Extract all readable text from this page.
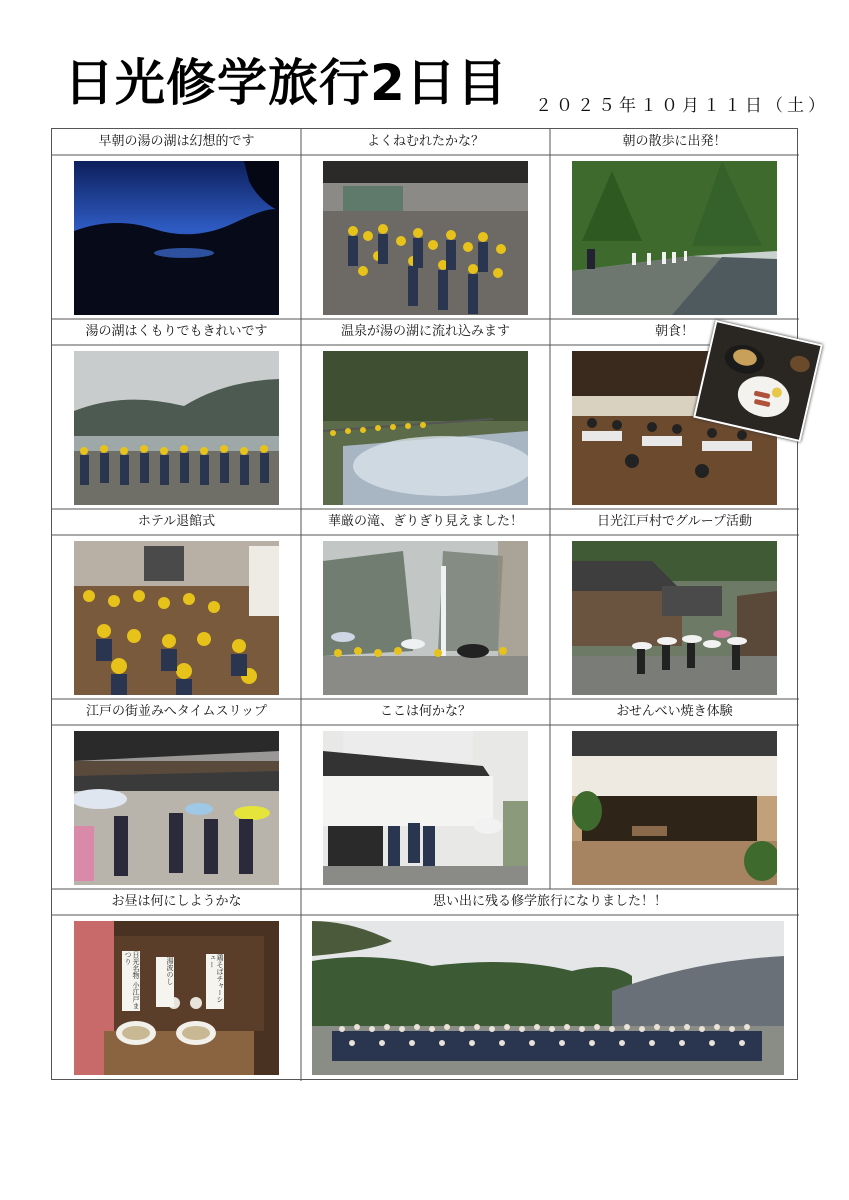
日光修学旅行2日目 ２０２５年１０月１１日（土）
早朝の湯の湖は幻想的です	よくねむれたかな？	朝の散歩に出発！
湯の湖はくもりでもきれいです	温泉が湯の湖に流れ込みます	朝食！
ホテル退館式	華厳の滝、ぎりぎり見えました！	日光江戸村でグループ活動
江戸の街並みへタイムスリップ	ここは何かな？	おせんべい焼き体験
お昼は何にしようかな	思い出に残る修学旅行になりました！！
日光名物 小江戸まつり	湯波のし	鶏そばチャーシュー
